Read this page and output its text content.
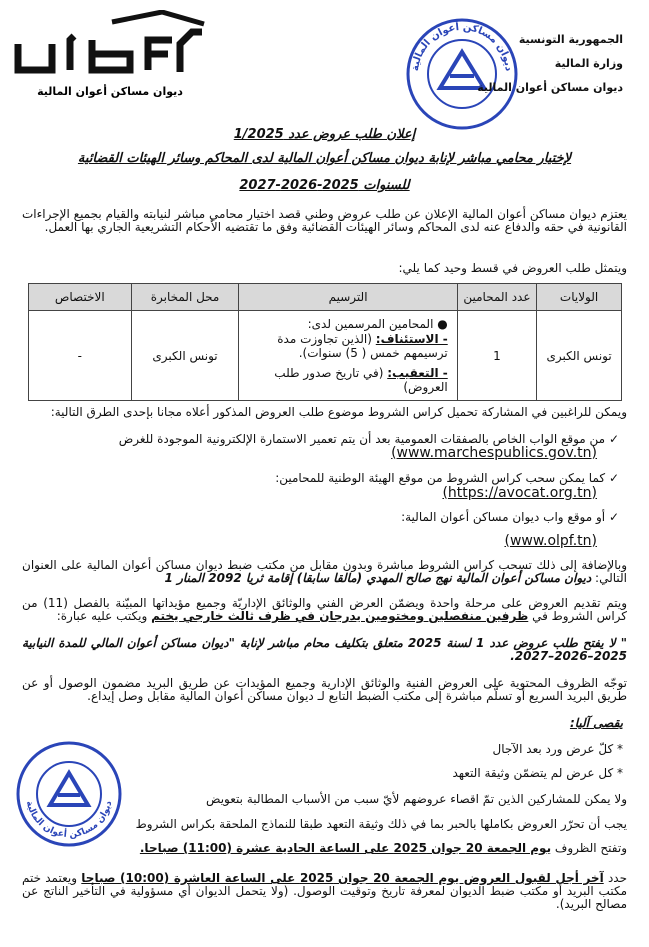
ديوان مساكن أعوان المالية
ديوان مساكن أعوان المالية
الجمهورية التونسية
وزارة المالية
ديوان مساكن أعوان المالية
إعلان طلب عروض عدد 1/2025
لإختيار محامي مباشر لإنابة ديوان مساكن أعوان المالية لدى المحاكم وسائر الهيئات القضائية
للسنوات 2025-2026-2027
يعتزم ديوان مساكن أعوان المالية الإعلان عن طلب عروض وطني قصد اختيار محامي مباشر لنيابته والقيام بجميع الإجراءات القانونية في حقه والدفاع عنه لدى المحاكم وسائر الهيئات القضائية وفق ما تقتضيه الأحكام التشريعية الجاري بها العمل.
ويتمثل طلب العروض في قسط وحيد كما يلي:
الولايات	عدد المحامين	الترسيم	محل المخابرة	الاختصاص
تونس الكبرى	1	● المحامين المرسمين لدى:
- الاستئناف: (الذين تجاوزت مدة ترسيمهم خمس ( 5) سنوات).
- التعقيب: (في تاريخ صدور طلب العروض)	تونس الكبرى	-
ويمكن للراغبين في المشاركة تحميل كراس الشروط موضوع طلب العروض المذكور أعلاه مجانا بإحدى الطرق التالية:
✓ من موقع الواب الخاص بالصفقات العمومية بعد أن يتم تعمير الاستمارة الإلكترونية الموجودة للغرض
(www.marchespublics.gov.tn)
✓ كما يمكن سحب كراس الشروط من موقع الهيئة الوطنية للمحامين:
(https://avocat.org.tn)
✓ أو موقع واب ديوان مساكن أعوان المالية:
(www.olpf.tn)
وبالإضافة إلى ذلك تسحب كراس الشروط مباشرة وبدون مقابل من مكتب ضبط ديوان مساكن أعوان المالية على العنوان التالي: ديوان مساكن أعوان المالية نهج صالح المهدي (مالقا سابقا) إقامة ثريا 2092 المنار 1
ويتم تقديم العروض على مرحلة واحدة ويضمّن العرض الفني والوثائق الإداريّة وجميع مؤيداتها المبيّنة بالفصل (11) من كراس الشروط في ظرفين منفصلين ومختومين يدرجان في ظرف ثالث خارجي يختم ويكتب عليه عبارة:
" لا يفتح طلب عروض عدد 1 لسنة 2025 متعلق بتكليف محام مباشر لإنابة "ديوان مساكن أعوان المالي للمدة النيابية 2025–2026–2027.
توجّه الظروف المحتوية على العروض الفنية والوثائق الإدارية وجميع المؤيدات عن طريق البريد مضمون الوصول أو عن طريق البريد السريع أو تسلّم مباشرة إلى مكتب الضبط التابع لـ ديوان مساكن أعوان المالية مقابل وصل إيداع.
يقصى آليا:
* كلّ عرض ورد بعد الآجال
* كل عرض لم يتضمّن وثيقة التعهد
ولا يمكن للمشاركين الذين تمّ اقصاء عروضهم لأيّ سبب من الأسباب المطالبة بتعويض
يجب أن تحرّر العروض بكاملها بالحبر بما في ذلك وثيقة التعهد طبقا للنماذج الملحقة بكراس الشروط
وتفتح الظروف يوم الجمعة 20 جوان 2025 على الساعة الحادية عشرة (11:00) صباحا.
حدد آخر أجل لقبول العروض يوم الجمعة 20 جوان 2025 على الساعة العاشرة (10:00) صباحا ويعتمد ختم مكتب البريد أو مكتب ضبط الديوان لمعرفة تاريخ وتوقيت الوصول. (ولا يتحمل الديوان أي مسؤولية في التأخير الناتج عن مصالح البريد).
ديوان مساكن أعوان المالية
